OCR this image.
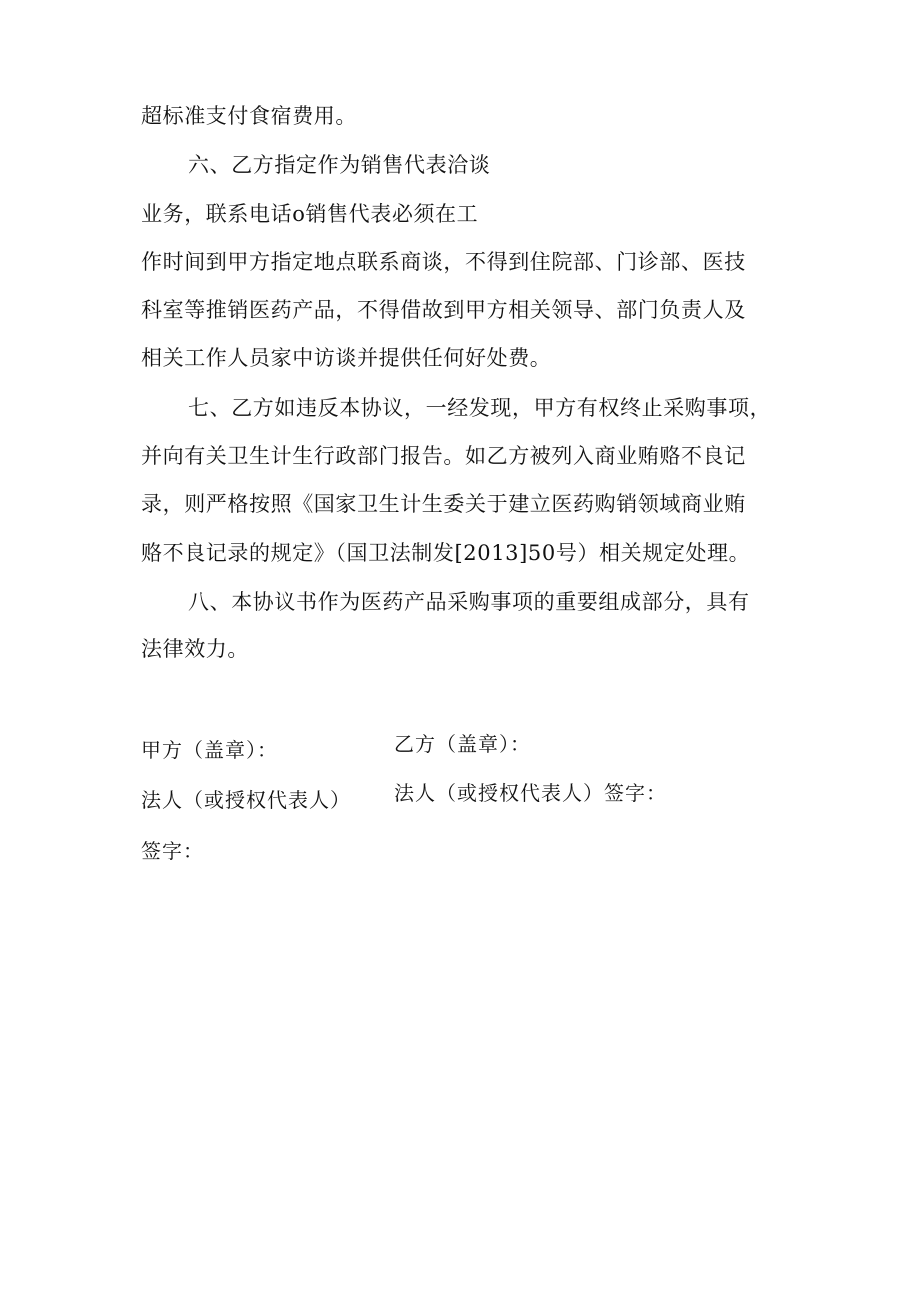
超标准支付食宿费用。
六、乙方指定作为销售代表洽谈
业务，联系电话o销售代表必须在工
作时间到甲方指定地点联系商谈，不得到住院部、门诊部、医技
科室等推销医药产品，不得借故到甲方相关领导、部门负责人及
相关工作人员家中访谈并提供任何好处费。
七、乙方如违反本协议，一经发现，甲方有权终止采购事项，
并向有关卫生计生行政部门报告。如乙方被列入商业贿赂不良记
录，则严格按照《国家卫生计生委关于建立医药购销领域商业贿
赂不良记录的规定》（国卫法制发[2013]50号）相关规定处理。
八、本协议书作为医药产品采购事项的重要组成部分，具有
法律效力。
甲方（盖章）：	乙方（盖章）：
法人（或授权代表人） 法人（或授权代表人）签字：
签字：
